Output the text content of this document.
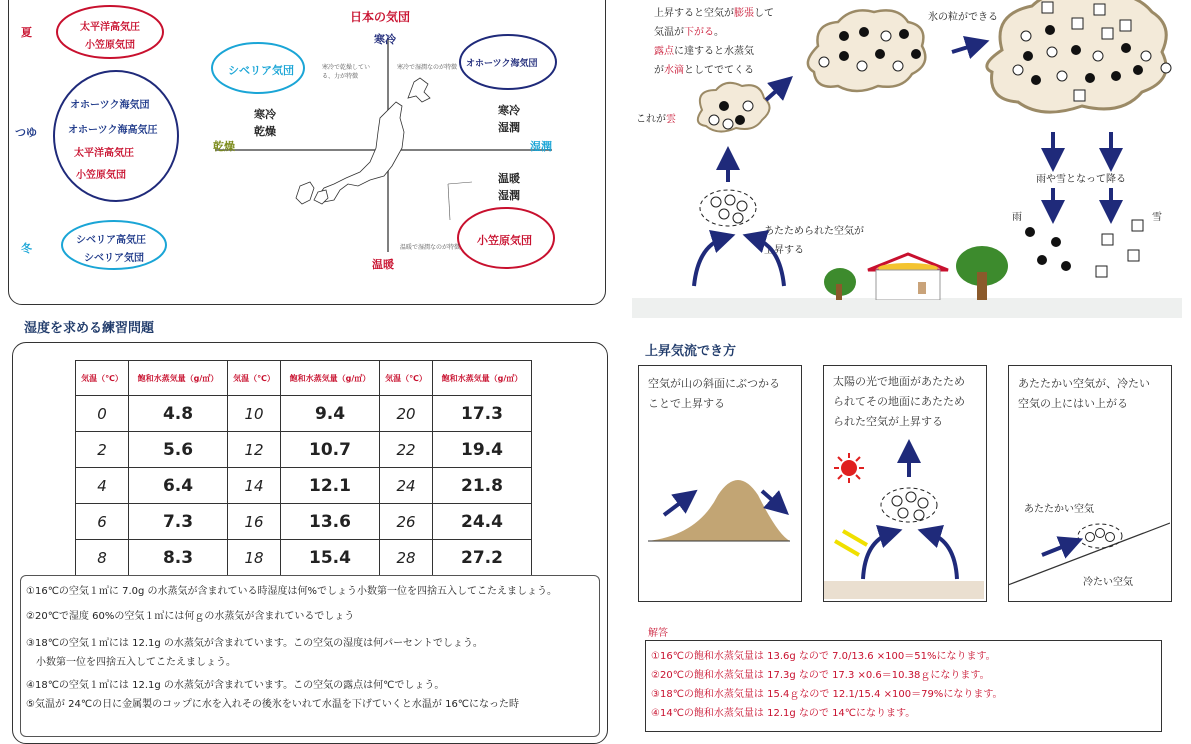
夏
つゆ
冬
太平洋高気圧
小笠原気団
オホーツク海気団
オホーツク海高気圧
太平洋高気圧
小笠原気団
シベリア高気圧
シベリア気団
日本の気団
寒冷
温暖
乾燥	湿潤
シベリア気団	オホーツク海気団
小笠原気団
寒冷で乾燥している、力が特徴
寒冷で湿潤なのが特徴
温暖で湿潤なのが特徴
寒冷
乾燥
寒冷
湿潤
温暖
湿潤
湿度を求める練習問題
気温（℃）	飽和水蒸気量（g/㎥）	気温（℃）	飽和水蒸気量（g/㎥）	気温（℃）	飽和水蒸気量（g/㎥）
0	4.8	10	9.4	20	17.3
2	5.6	12	10.7	22	19.4
4	6.4	14	12.1	24	21.8
6	7.3	16	13.6	26	24.4
8	8.3	18	15.4	28	27.2
①16℃の空気１㎥に 7.0g の水蒸気が含まれている時湿度は何%でしょう小数第一位を四捨五入してこたえましょう。
②20℃で湿度 60%の空気１㎥には何ｇの水蒸気が含まれているでしょう
③18℃の空気１㎥には 12.1g の水蒸気が含まれています。この空気の湿度は何パーセントでしょう。
小数第一位を四捨五入してこたえましょう。
④18℃の空気１㎥には 12.1g の水蒸気が含まれています。この空気の露点は何℃でしょう。
⑤気温が 24℃の日に金属製のコップに水を入れその後氷をいれて水温を下げていくと水温が 16℃になった時
上昇すると空気が膨張して
気温が下がる。
露点に達すると水蒸気
が水滴としてでてくる
これが雲
氷の粒ができる
雨や雪となって降る
雨	雪
あたためられた空気が
上昇する
上昇気流でき方
空気が山の斜面にぶつかる
ことで上昇する
太陽の光で地面があたため
られてその地面にあたため
られた空気が上昇する
あたたかい空気が、冷たい
空気の上にはい上がる
あたたかい空気
冷たい空気
解答
①16℃の飽和水蒸気量は 13.6g なので 7.0/13.6 ×100＝51%になります。
②20℃の飽和水蒸気量は 17.3g なので 17.3 ×0.6＝10.38ｇになります。
③18℃の飽和水蒸気量は 15.4ｇなので 12.1/15.4 ×100＝79%になります。
④14℃の飽和水蒸気量は 12.1g なので 14℃になります。
